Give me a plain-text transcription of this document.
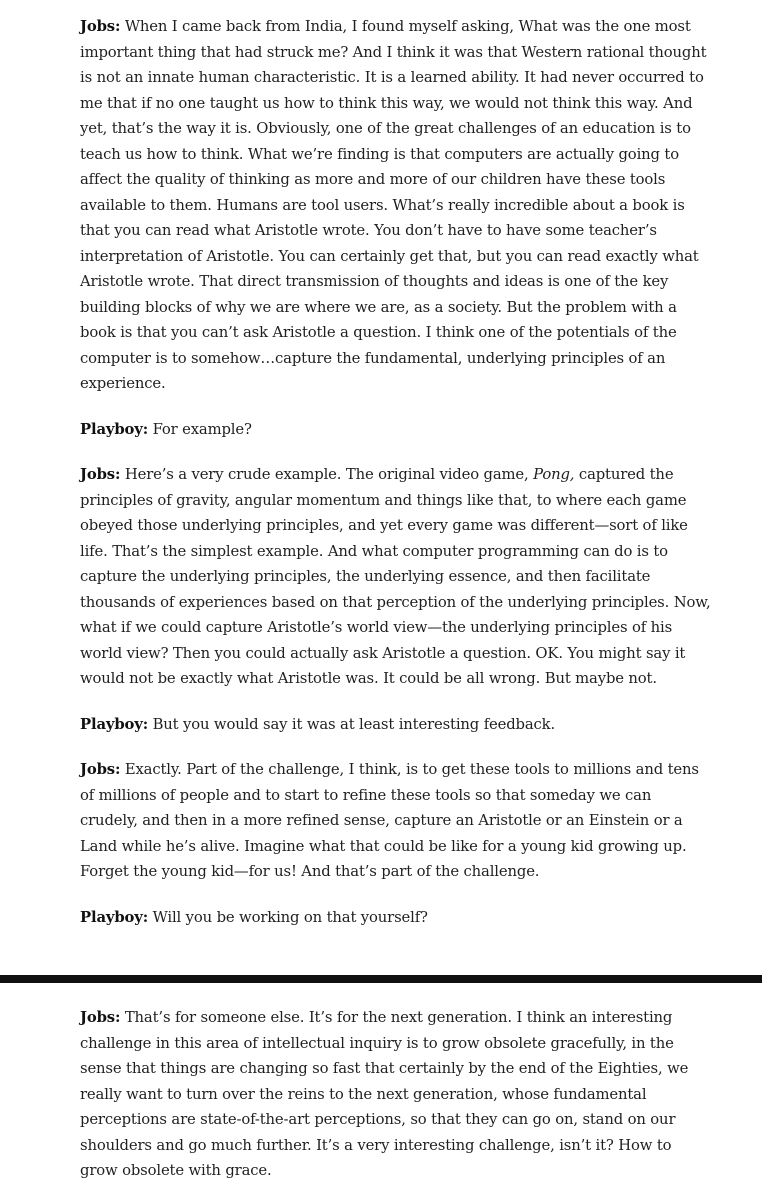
Jobs: When I came back from India, I found myself asking, What was the one most important thing that had struck me? And I think it was that Western rational thought is not an innate human characteristic. It is a learned ability. It had never occurred to me that if no one taught us how to think this way, we would not think this way. And yet, that’s the way it is. Obviously, one of the great challenges of an education is to teach us how to think. What we’re finding is that computers are actually going to affect the quality of thinking as more and more of our children have these tools available to them. Humans are tool users. What’s really incredible about a book is that you can read what Aristotle wrote. You don’t have to have some teacher’s interpretation of Aristotle. You can certainly get that, but you can read exactly what Aristotle wrote. That direct transmission of thoughts and ideas is one of the key building blocks of why we are where we are, as a society. But the problem with a book is that you can’t ask Aristotle a question. I think one of the potentials of the computer is to somehow…capture the fundamental, underlying principles of an experience.

Playboy: For example?

Jobs: Here’s a very crude example. The original video game, Pong, captured the principles of gravity, angular momentum and things like that, to where each game obeyed those underlying principles, and yet every game was different—sort of like life. That’s the simplest example. And what computer programming can do is to capture the underlying principles, the underlying essence, and then facilitate thousands of experiences based on that perception of the underlying principles. Now, what if we could capture Aristotle’s world view—the underlying principles of his world view? Then you could actually ask Aristotle a question. OK. You might say it would not be exactly what Aristotle was. It could be all wrong. But maybe not.

Playboy: But you would say it was at least interesting feedback.

Jobs: Exactly. Part of the challenge, I think, is to get these tools to millions and tens of millions of people and to start to refine these tools so that someday we can crudely, and then in a more refined sense, capture an Aristotle or an Einstein or a Land while he’s alive. Imagine what that could be like for a young kid growing up. Forget the young kid—for us! And that’s part of the challenge.

Playboy: Will you be working on that yourself?

Jobs: That’s for someone else. It’s for the next generation. I think an interesting challenge in this area of intellectual inquiry is to grow obsolete gracefully, in the sense that things are changing so fast that certainly by the end of the Eighties, we really want to turn over the reins to the next generation, whose fundamental perceptions are state-of-the-art perceptions, so that they can go on, stand on our shoulders and go much further. It’s a very interesting challenge, isn’t it? How to grow obsolete with grace.
